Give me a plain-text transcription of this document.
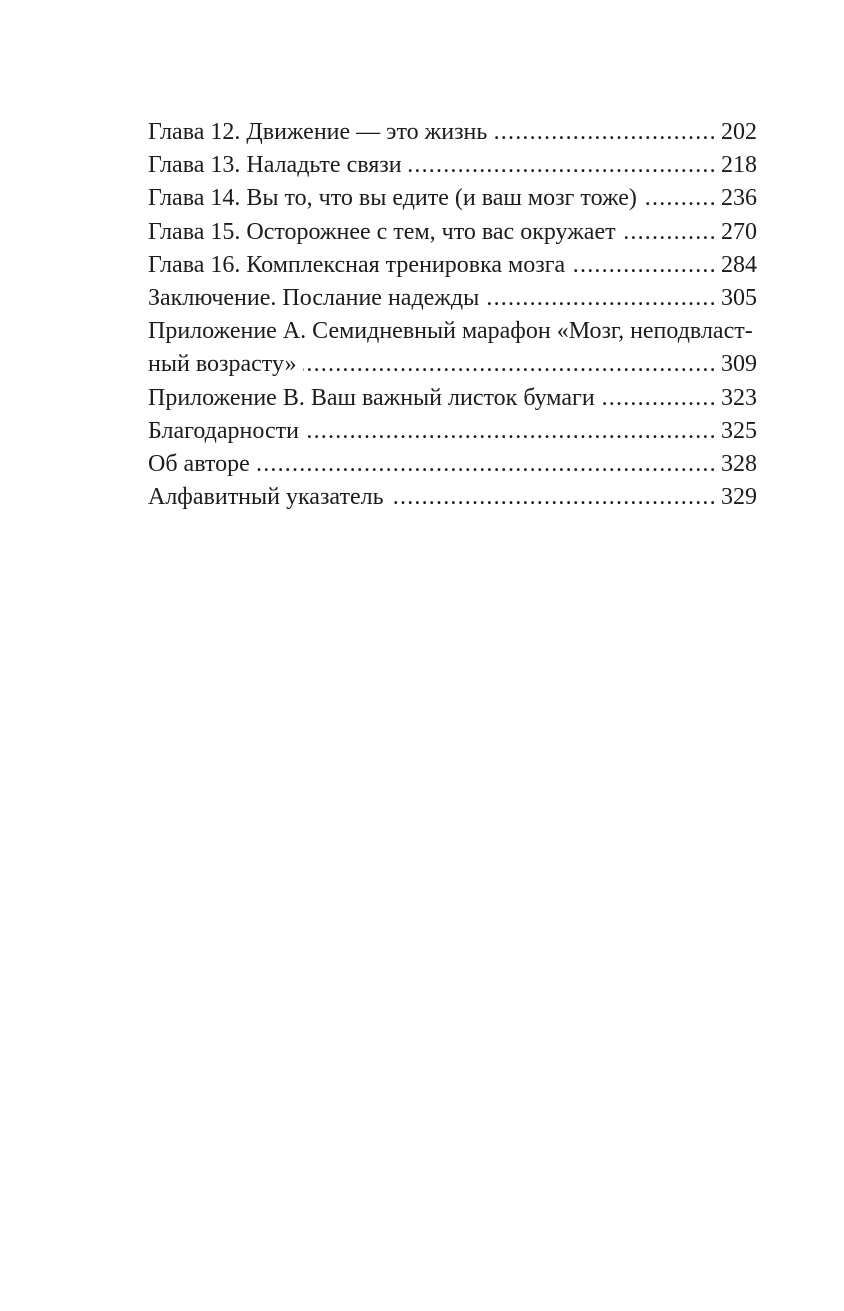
Глава 12. Движение — это жизнь	202
. . .
Глава 13. Наладьте связи	218
. . .
Глава 14. Вы то, что вы едите (и ваш мозг тоже)	236
. . .
Глава 15. Осторожнее с тем, что вас окружает	270
. . .
Глава 16. Комплексная тренировка мозга	284
. . .
Заключение. Послание надежды	305
. . .
Приложение А. Семидневный марафон «Мозг, неподвласт-
ный возрасту»	309
. . .
Приложение В. Ваш важный листок бумаги	323
. . .
Благодарности	325
. . .
Об авторе	328
. . .
Алфавитный указатель	329
. . .
